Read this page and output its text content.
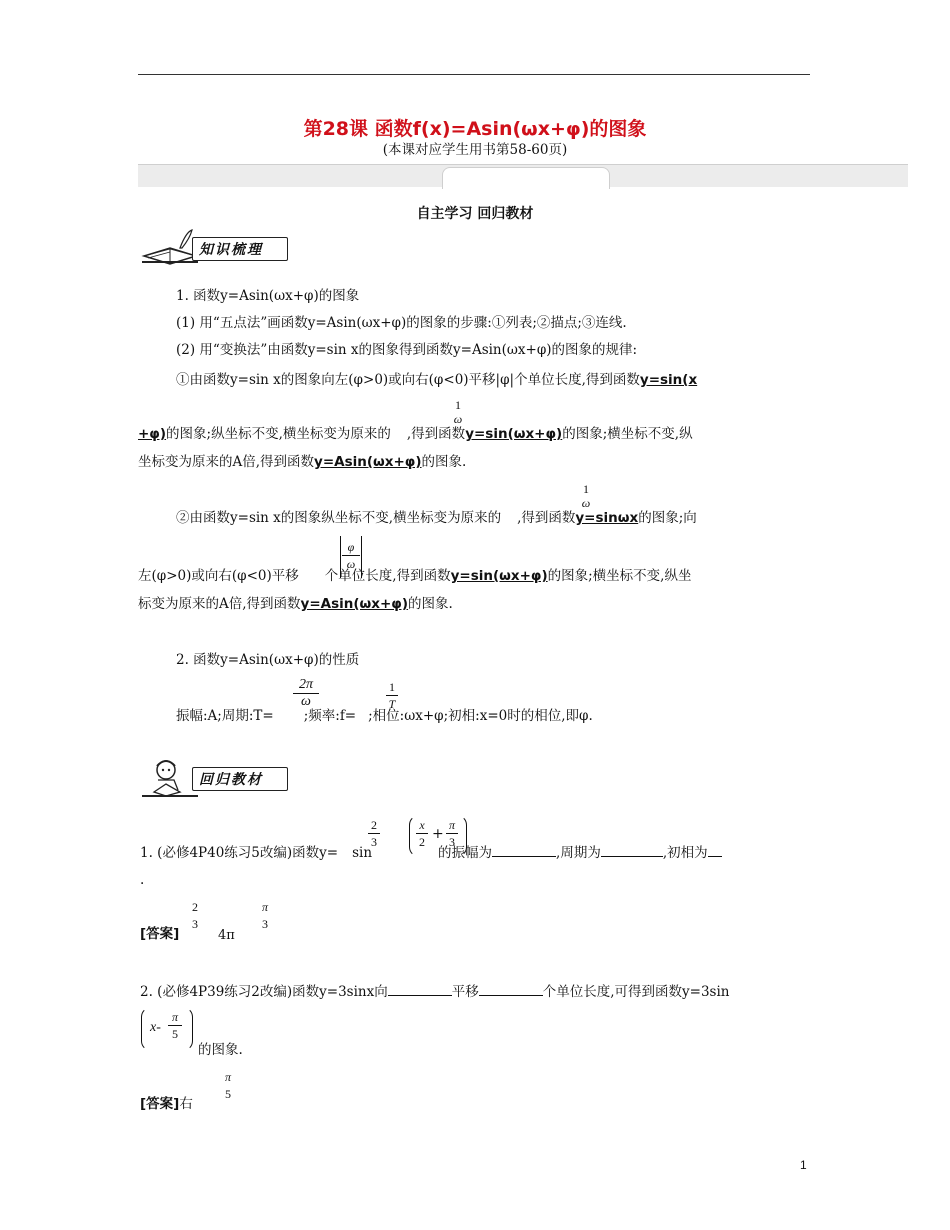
第28课 函数f(x)=Asin(ωx+φ)的图象
(本课对应学生用书第58-60页)
自主学习 回归教材
知识梳理
1. 函数y=Asin(ωx+φ)的图象
(1) 用“五点法”画函数y=Asin(ωx+φ)的图象的步骤:①列表;②描点;③连线.
(2) 用“变换法”由函数y=sin x的图象得到函数y=Asin(ωx+φ)的图象的规律:
①由函数y=sin x的图象向左(φ>0)或向右(φ<0)平移|φ|个单位长度,得到函数y=sin(x
1
ω
+φ)的图象;纵坐标不变,横坐标变为原来的 ,得到函数y=sin(ωx+φ)的图象;横坐标不变,纵
坐标变为原来的A倍,得到函数y=Asin(ωx+φ)的图象.
1
ω
②由函数y=sin x的图象纵坐标不变,横坐标变为原来的 ,得到函数y=sinωx的图象;向
φ
ω
左(φ>0)或向右(φ<0)平移 个单位长度,得到函数y=sin(ωx+φ)的图象;横坐标不变,纵坐
标变为原来的A倍,得到函数y=Asin(ωx+φ)的图象.
2. 函数y=Asin(ωx+φ)的性质
2π
ω
1
T
振幅:A;周期:T= ;频率:f= ;相位:ωx+φ;初相:x=0时的相位,即φ.
回归教材
2
3
x
2 +
π
3
1. (必修4P40练习5改编)函数y= sin	的振幅为	,周期为	,初相为
.
2
3
4π
π
3
[答案]
2. (必修4P39练习2改编)函数y=3sinx向	平移	个单位长度,可得到函数y=3sin
x-
π
5
的图象.
π
5
[答案]右
1
